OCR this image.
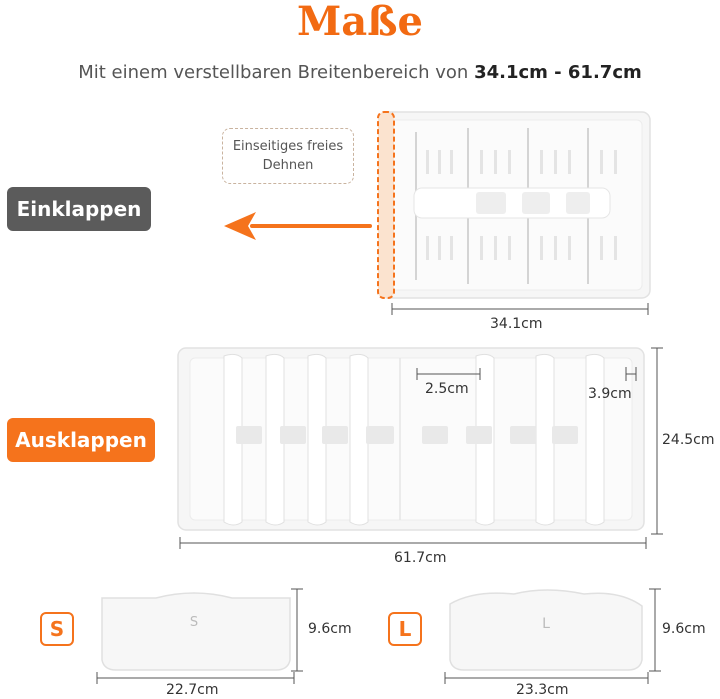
Maße
Mit einem verstellbaren Breitenbereich von 34.1cm - 61.7cm
Einklappen
Einseitiges freies Dehnen
34.1cm
Ausklappen
2.5cm	3.9cm
24.5cm
61.7cm
S	S	9.6cm
22.7cm
L	L	9.6cm
23.3cm
